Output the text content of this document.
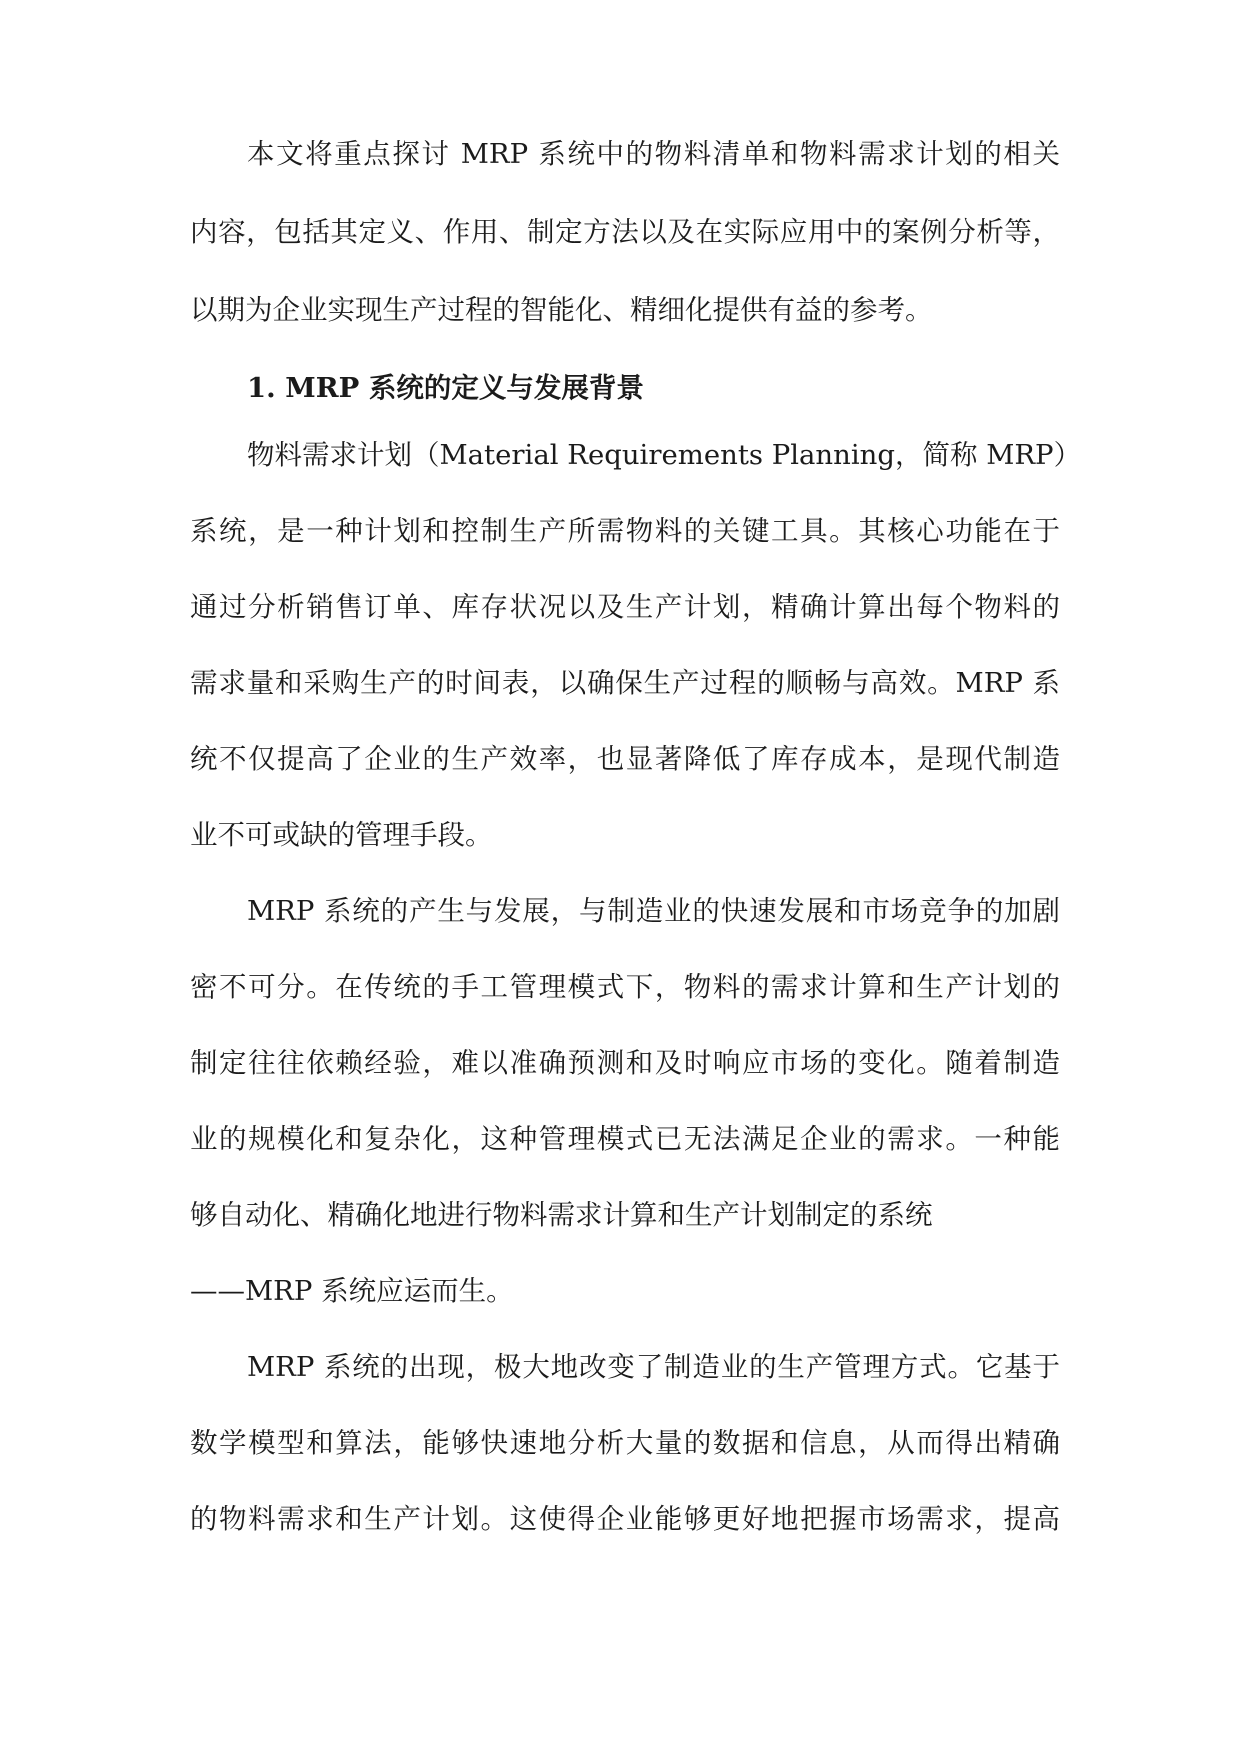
本文将重点探讨 MRP 系统中的物料清单和物料需求计划的相关
内容，包括其定义、作用、制定方法以及在实际应用中的案例分析等，
以期为企业实现生产过程的智能化、精细化提供有益的参考。
1. MRP 系统的定义与发展背景
物料需求计划（Material Requirements Planning，简称 MRP）
系统，是一种计划和控制生产所需物料的关键工具。其核心功能在于
通过分析销售订单、库存状况以及生产计划，精确计算出每个物料的
需求量和采购生产的时间表，以确保生产过程的顺畅与高效。MRP 系
统不仅提高了企业的生产效率，也显著降低了库存成本，是现代制造
业不可或缺的管理手段。
MRP 系统的产生与发展，与制造业的快速发展和市场竞争的加剧
密不可分。在传统的手工管理模式下，物料的需求计算和生产计划的
制定往往依赖经验，难以准确预测和及时响应市场的变化。随着制造
业的规模化和复杂化，这种管理模式已无法满足企业的需求。一种能
够自动化、精确化地进行物料需求计算和生产计划制定的系统
——MRP 系统应运而生。
MRP 系统的出现，极大地改变了制造业的生产管理方式。它基于
数学模型和算法，能够快速地分析大量的数据和信息，从而得出精确
的物料需求和生产计划。这使得企业能够更好地把握市场需求，提高
